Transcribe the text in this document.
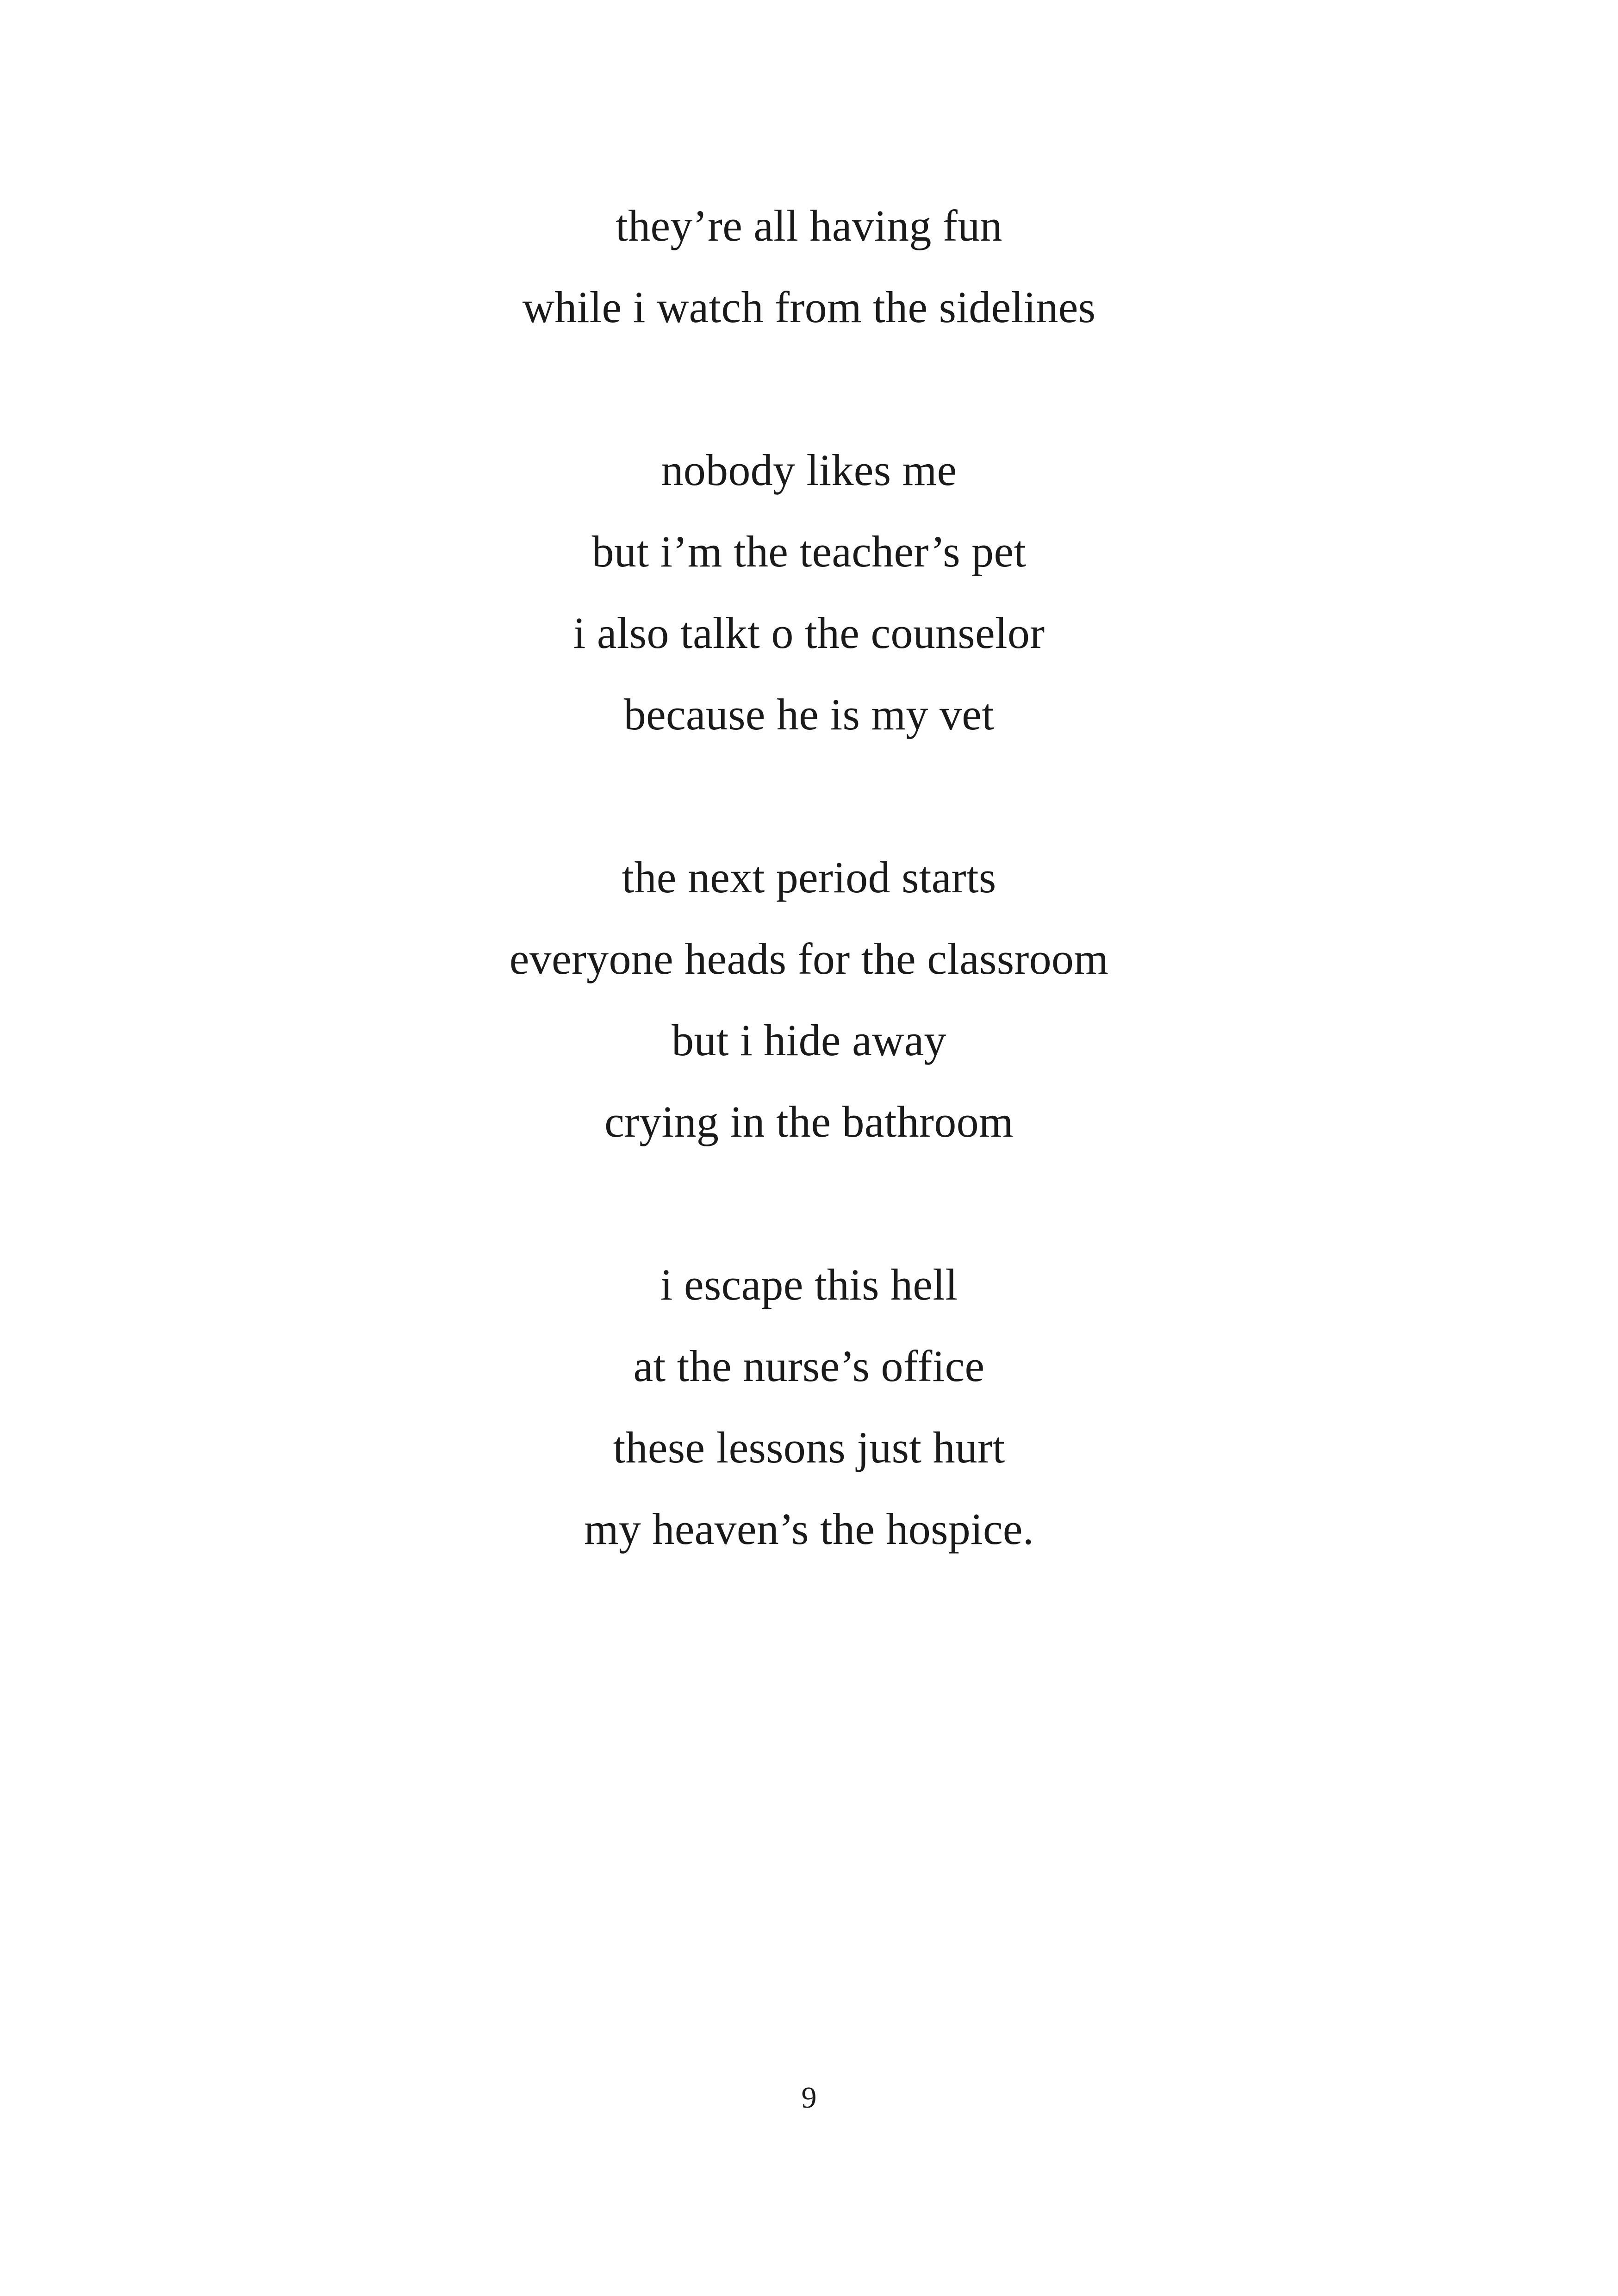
they’re all having fun
while i watch from the sidelines
nobody likes me
but i’m the teacher’s pet
i also talkt o the counselor
because he is my vet
the next period starts
everyone heads for the classroom
but i hide away
crying in the bathroom
i escape this hell
at the nurse’s office
these lessons just hurt
my heaven’s the hospice.
9
